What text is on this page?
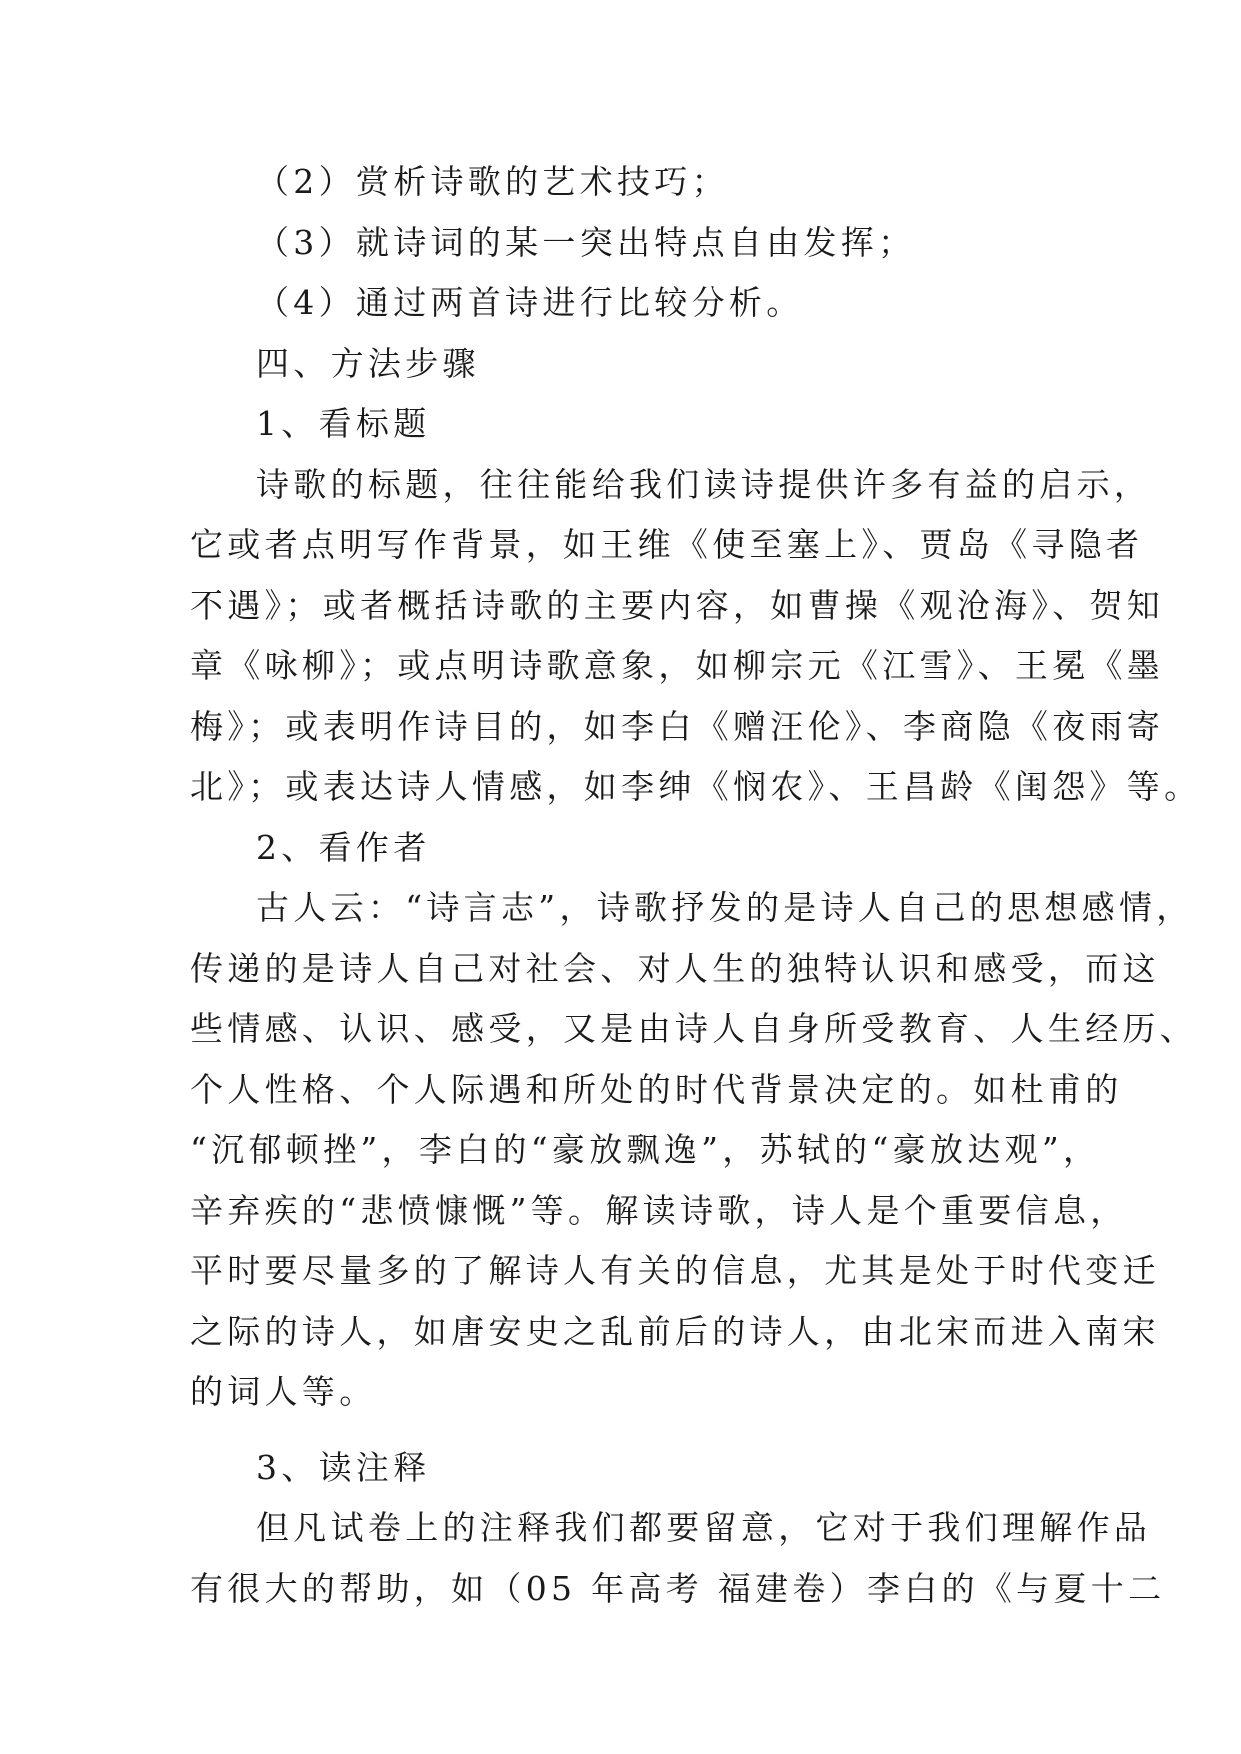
（2）赏析诗歌的艺术技巧；
（3）就诗词的某一突出特点自由发挥；
（4）通过两首诗进行比较分析。
四、方法步骤
1、看标题
诗歌的标题，往往能给我们读诗提供许多有益的启示，
它或者点明写作背景，如王维《使至塞上》、贾岛《寻隐者
不遇》；或者概括诗歌的主要内容，如曹操《观沧海》、贺知
章《咏柳》；或点明诗歌意象，如柳宗元《江雪》、王冕《墨
梅》；或表明作诗目的，如李白《赠汪伦》、李商隐《夜雨寄
北》；或表达诗人情感，如李绅《悯农》、王昌龄《闺怨》等。
2、看作者
古人云：“诗言志”，诗歌抒发的是诗人自己的思想感情，
传递的是诗人自己对社会、对人生的独特认识和感受，而这
些情感、认识、感受，又是由诗人自身所受教育、人生经历、
个人性格、个人际遇和所处的时代背景决定的。如杜甫的
“沉郁顿挫”，李白的“豪放飘逸”，苏轼的“豪放达观”，
辛弃疾的“悲愤慷慨”等。解读诗歌，诗人是个重要信息，
平时要尽量多的了解诗人有关的信息，尤其是处于时代变迁
之际的诗人，如唐安史之乱前后的诗人，由北宋而进入南宋
的词人等。
3、读注释
但凡试卷上的注释我们都要留意，它对于我们理解作品
有很大的帮助，如（05 年高考 福建卷）李白的《与夏十二
